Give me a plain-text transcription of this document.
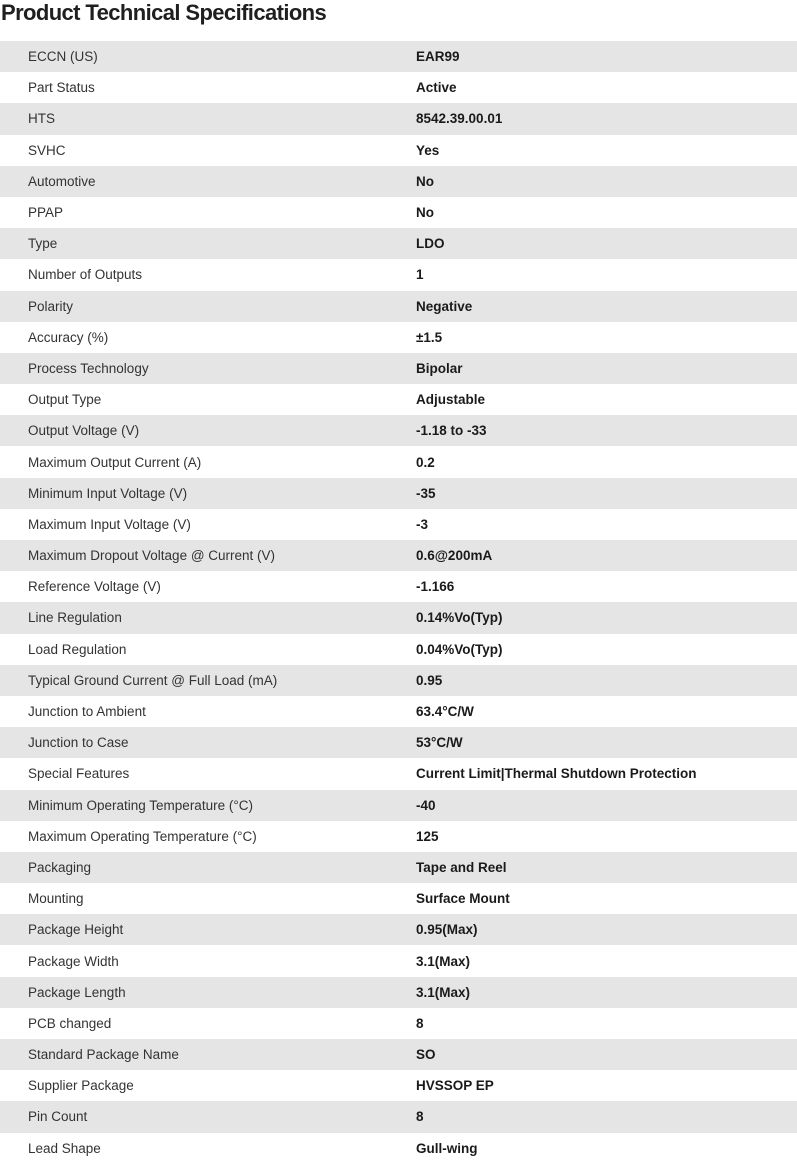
Product Technical Specifications
ECCN (US)	EAR99
Part Status	Active
HTS	8542.39.00.01
SVHC	Yes
Automotive	No
PPAP	No
Type	LDO
Number of Outputs	1
Polarity	Negative
Accuracy (%)	±1.5
Process Technology	Bipolar
Output Type	Adjustable
Output Voltage (V)	-1.18 to -33
Maximum Output Current (A)	0.2
Minimum Input Voltage (V)	-35
Maximum Input Voltage (V)	-3
Maximum Dropout Voltage @ Current (V)	0.6@200mA
Reference Voltage (V)	-1.166
Line Regulation	0.14%Vo(Typ)
Load Regulation	0.04%Vo(Typ)
Typical Ground Current @ Full Load (mA)	0.95
Junction to Ambient	63.4°C/W
Junction to Case	53°C/W
Special Features	Current Limit|Thermal Shutdown Protection
Minimum Operating Temperature (°C)	-40
Maximum Operating Temperature (°C)	125
Packaging	Tape and Reel
Mounting	Surface Mount
Package Height	0.95(Max)
Package Width	3.1(Max)
Package Length	3.1(Max)
PCB changed	8
Standard Package Name	SO
Supplier Package	HVSSOP EP
Pin Count	8
Lead Shape	Gull-wing
